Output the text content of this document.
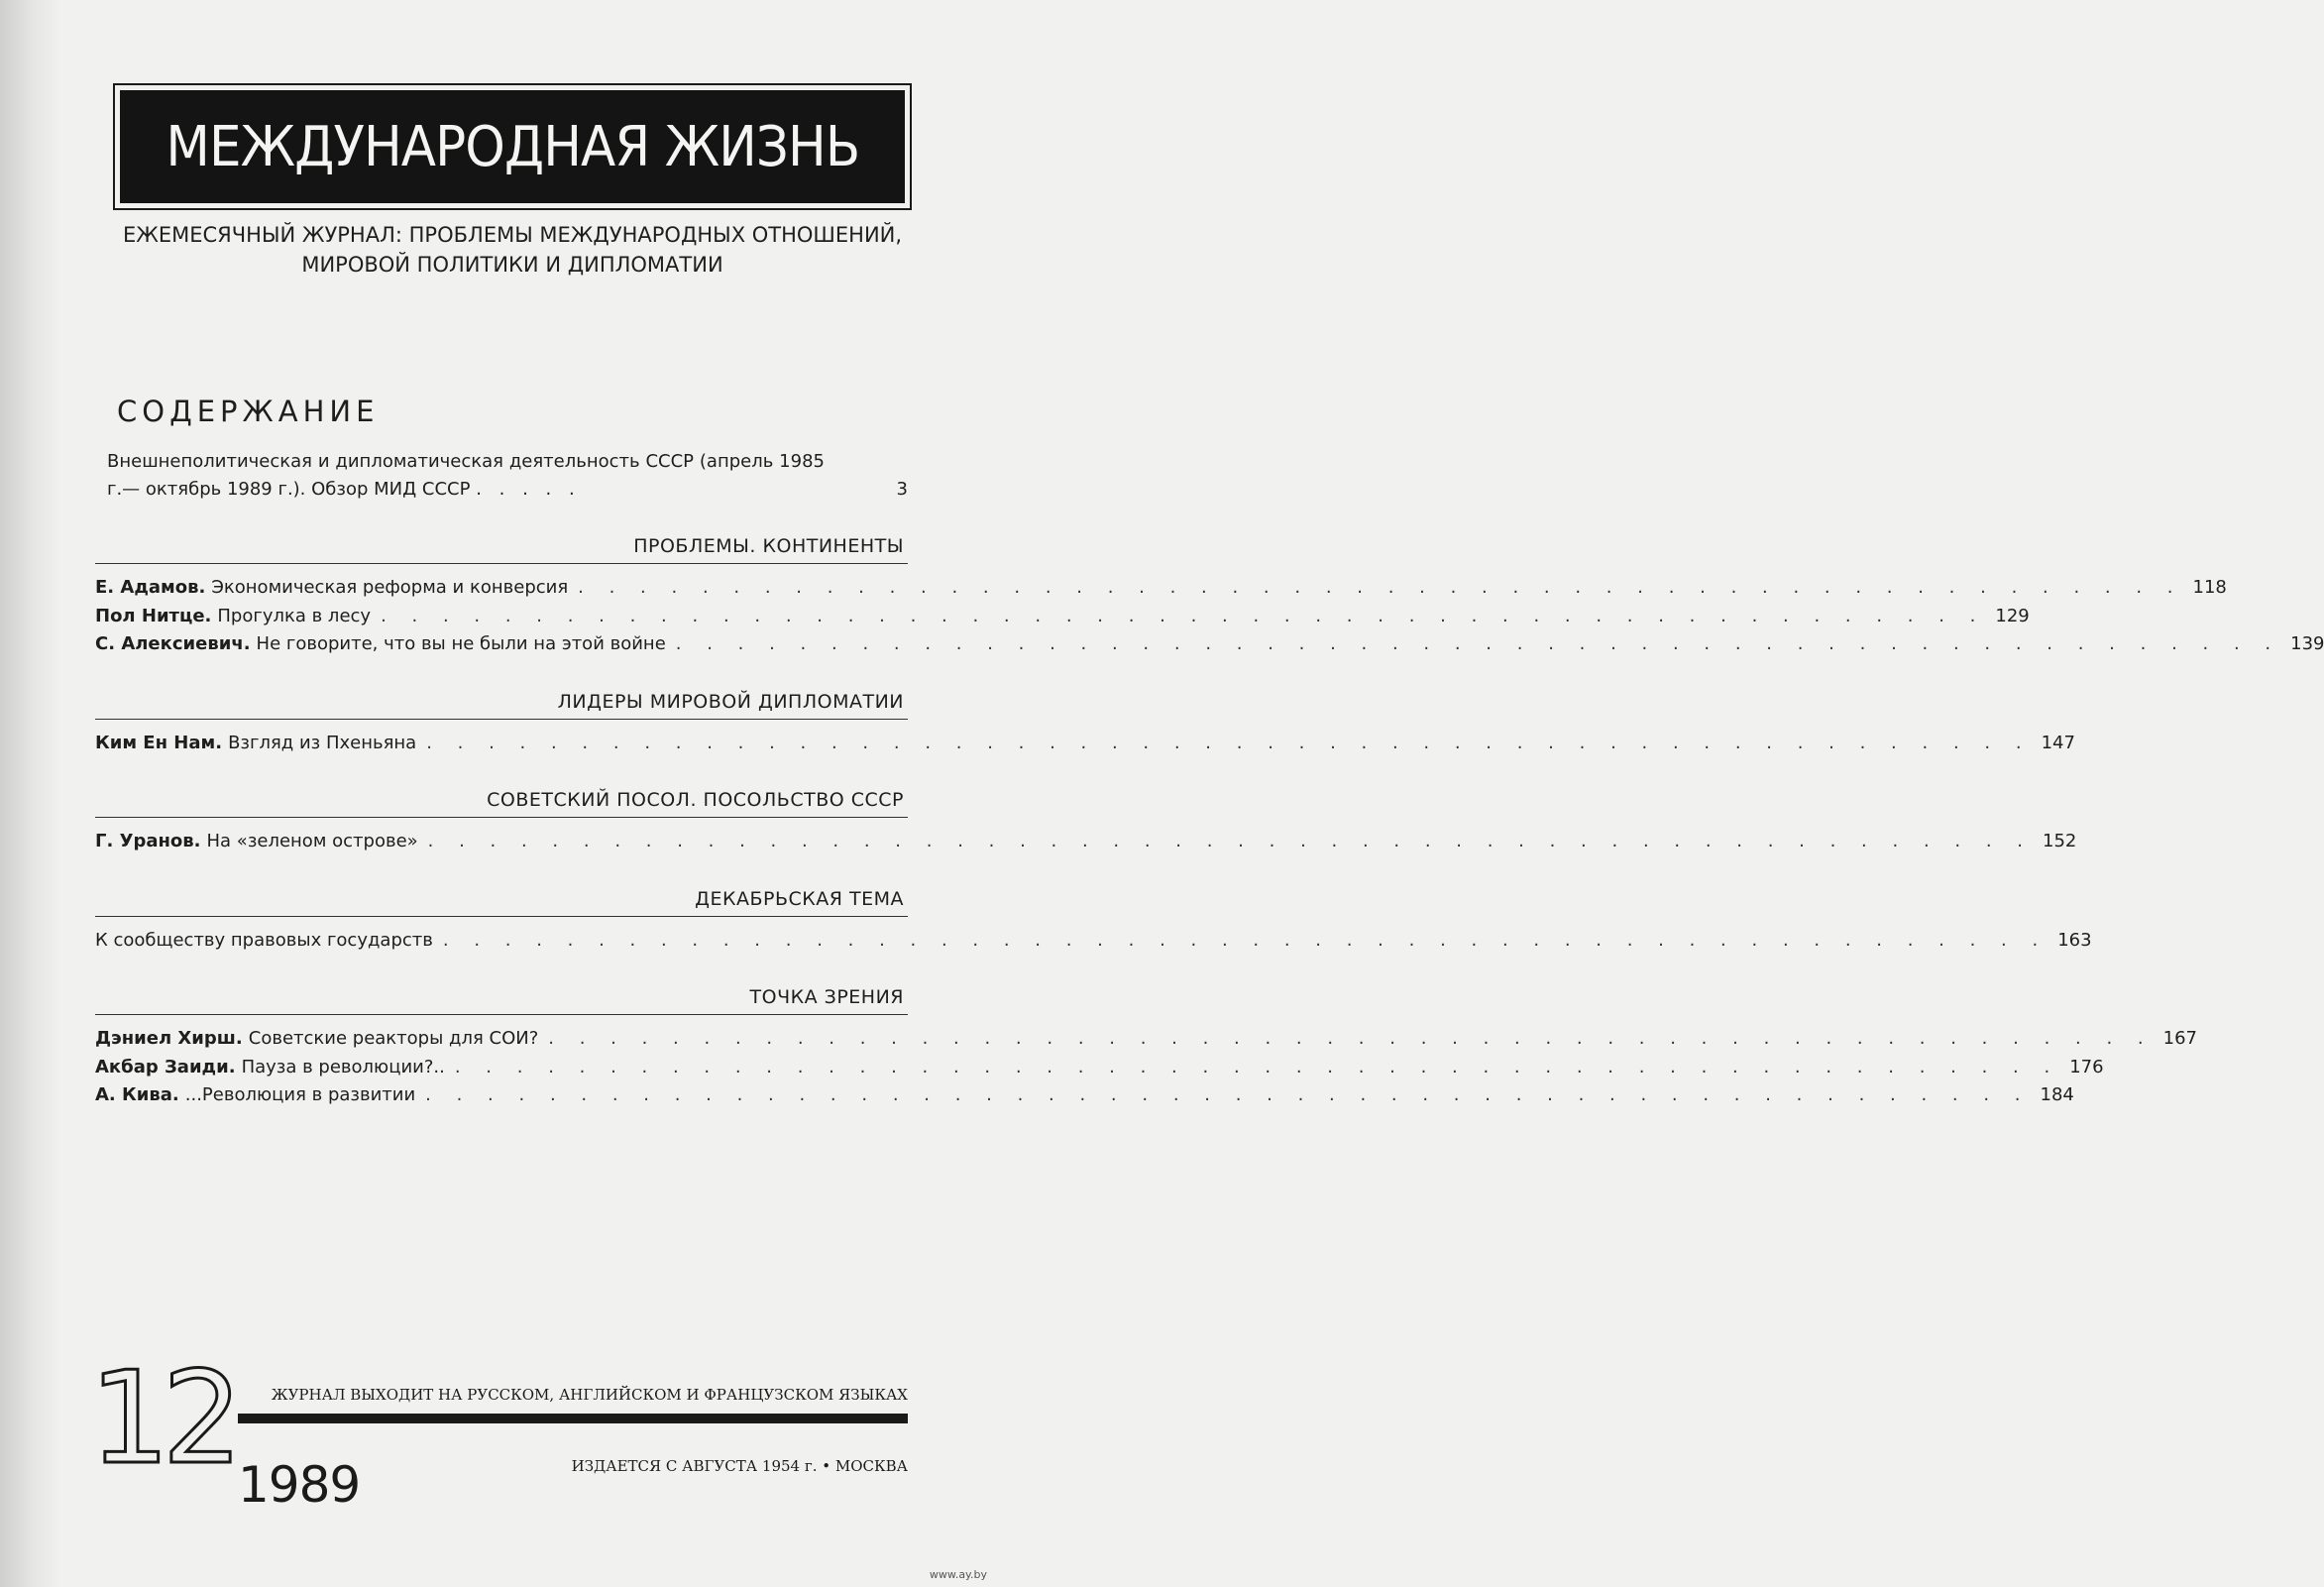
МЕЖДУНАРОДНАЯ ЖИЗНЬ
ЕЖЕМЕСЯЧНЫЙ ЖУРНАЛ: ПРОБЛЕМЫ МЕЖДУНАРОДНЫХ ОТНОШЕНИЙ,
МИРОВОЙ ПОЛИТИКИ И ДИПЛОМАТИИ
СОДЕРЖАНИЕ
Внешнеполитическая и дипломатическая деятельность СССР (апрель 1985 г.— октябрь 1989 г.). Обзор МИД СССР . . . . .	3
ПРОБЛЕМЫ. КОНТИНЕНТЫ
Е. Адамов. Экономическая реформа и конверсия . . . . . . . . . . . . . . . . . . . . . . . . . . . . . . . . . . . . . . . . . . . . . . . . . . . . 118
Пол Нитце. Прогулка в лесу . . . . . . . . . . . . . . . . . . . . . . . . . . . . . . . . . . . . . . . . . . . . . . . . . . . . 129
С. Алексиевич. Не говорите, что вы не были на этой войне . . . . . . . . . . . . . . . . . . . . . . . . . . . . . . . . . . . . . . . . . . . . . . . . . . . . 139
ЛИДЕРЫ МИРОВОЙ ДИПЛОМАТИИ
Ким Ен Нам. Взгляд из Пхеньяна . . . . . . . . . . . . . . . . . . . . . . . . . . . . . . . . . . . . . . . . . . . . . . . . . . . . 147
СОВЕТСКИЙ ПОСОЛ. ПОСОЛЬСТВО СССР
Г. Уранов. На «зеленом острове» . . . . . . . . . . . . . . . . . . . . . . . . . . . . . . . . . . . . . . . . . . . . . . . . . . . . 152
ДЕКАБРЬСКАЯ ТЕМА
К сообществу правовых государств . . . . . . . . . . . . . . . . . . . . . . . . . . . . . . . . . . . . . . . . . . . . . . . . . . . . 163
ТОЧКА ЗРЕНИЯ
Дэниел Хирш. Советские реакторы для СОИ? . . . . . . . . . . . . . . . . . . . . . . . . . . . . . . . . . . . . . . . . . . . . . . . . . . . . 167
Акбар Заиди. Пауза в революции?.. . . . . . . . . . . . . . . . . . . . . . . . . . . . . . . . . . . . . . . . . . . . . . . . . . . . . 176
А. Кива. ...Революция в развитии . . . . . . . . . . . . . . . . . . . . . . . . . . . . . . . . . . . . . . . . . . . . . . . . . . . . 184
12	ЖУРНАЛ ВЫХОДИТ НА РУССКОМ, АНГЛИЙСКОМ И ФРАНЦУЗСКОМ ЯЗЫКАХ
1989	ИЗДАЕТСЯ С АВГУСТА 1954 г. • МОСКВА
www.ay.by
